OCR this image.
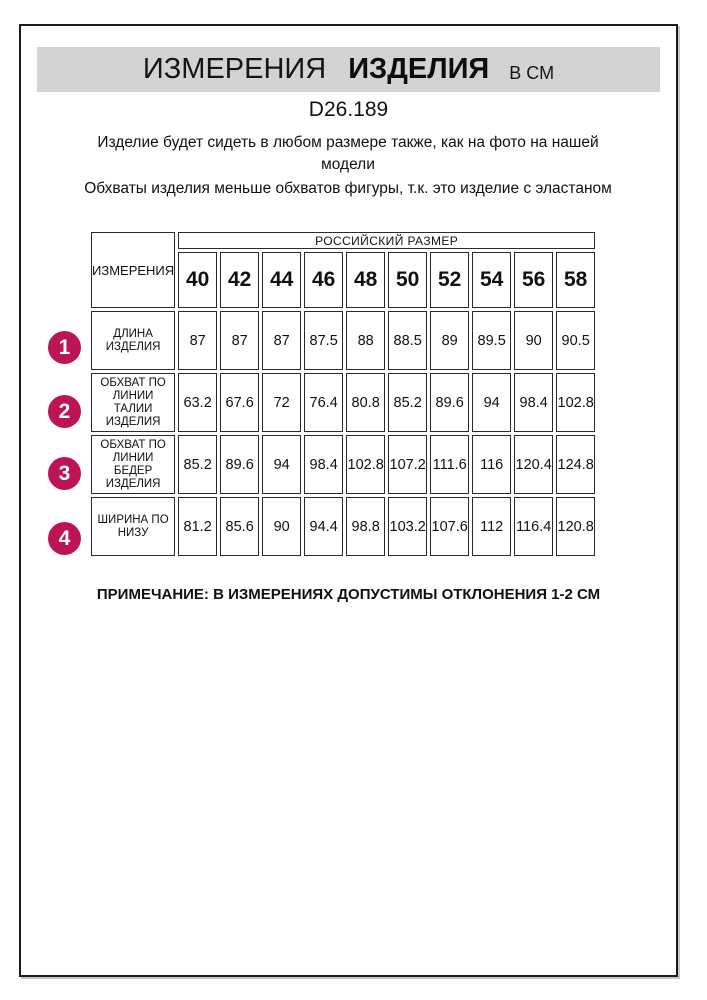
ИЗМЕРЕНИЯ ИЗДЕЛИЯ В СМ
D26.189

Изделие будет сидеть в любом размере также, как на фото на нашей модели

Обхваты изделия меньше обхватов фигуры, т.к. это изделие с эластаном

ИЗМЕРЕНИЯ	РОССИЙСКИЙ РАЗМЕР									
	40	42	44	46	48	50	52	54	56	58
ДЛИНА ИЗДЕЛИЯ	87	87	87	87.5	88	88.5	89	89.5	90	90.5
ОБХВАТ ПО ЛИНИИ ТАЛИИ ИЗДЕЛИЯ	63.2	67.6	72	76.4	80.8	85.2	89.6	94	98.4	102.8
ОБХВАТ ПО ЛИНИИ БЕДЕР ИЗДЕЛИЯ	85.2	89.6	94	98.4	102.8	107.2	111.6	116	120.4	124.8
ШИРИНА ПО НИЗУ	81.2	85.6	90	94.4	98.8	103.2	107.6	112	116.4	120.8
1
2
3
4
ПРИМЕЧАНИЕ: В ИЗМЕРЕНИЯХ ДОПУСТИМЫ ОТКЛОНЕНИЯ 1-2 СМ
